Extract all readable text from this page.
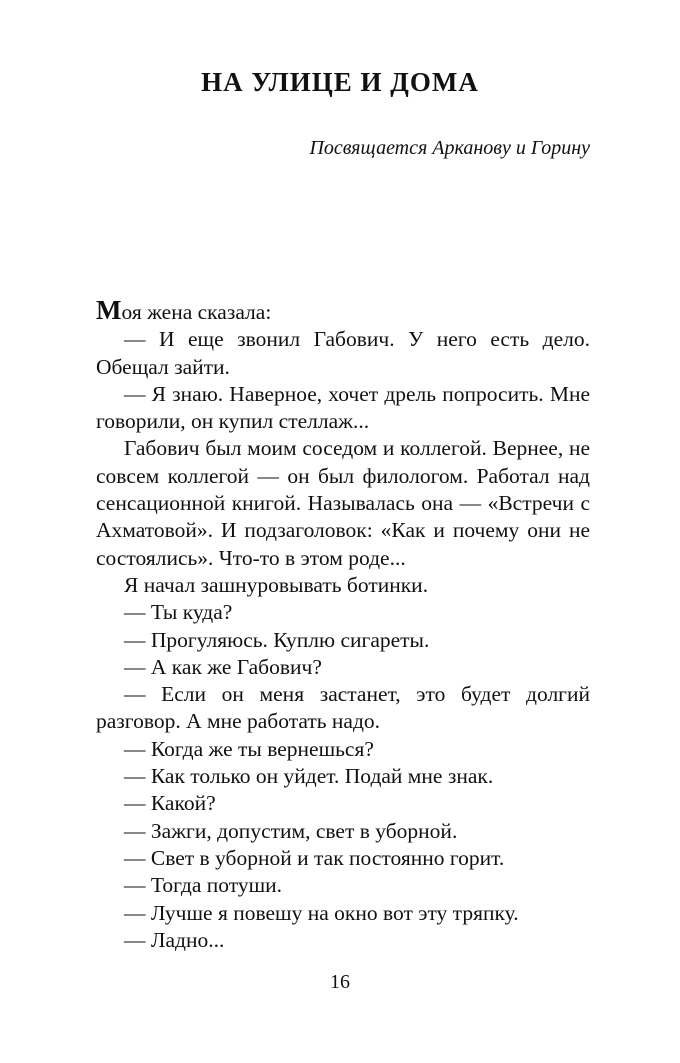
НА УЛИЦЕ И ДОМА
Посвящается Арканову и Горину

Моя жена сказала:

— И еще звонил Габович. У него есть дело. Обещал зайти.

— Я знаю. Наверное, хочет дрель попросить. Мне говорили, он купил стеллаж...

Габович был моим соседом и коллегой. Вернее, не совсем коллегой — он был филологом. Работал над сенсационной книгой. Называлась она — «Встречи с Ахматовой». И подзаголовок: «Как и почему они не состоялись». Что-то в этом роде...

Я начал зашнуровывать ботинки.

— Ты куда?

— Прогуляюсь. Куплю сигареты.

— А как же Габович?

— Если он меня застанет, это будет долгий разговор. А мне работать надо.

— Когда же ты вернешься?

— Как только он уйдет. Подай мне знак.

— Какой?

— Зажги, допустим, свет в уборной.

— Свет в уборной и так постоянно горит.

— Тогда потуши.

— Лучше я повешу на окно вот эту тряпку.

— Ладно...

16
